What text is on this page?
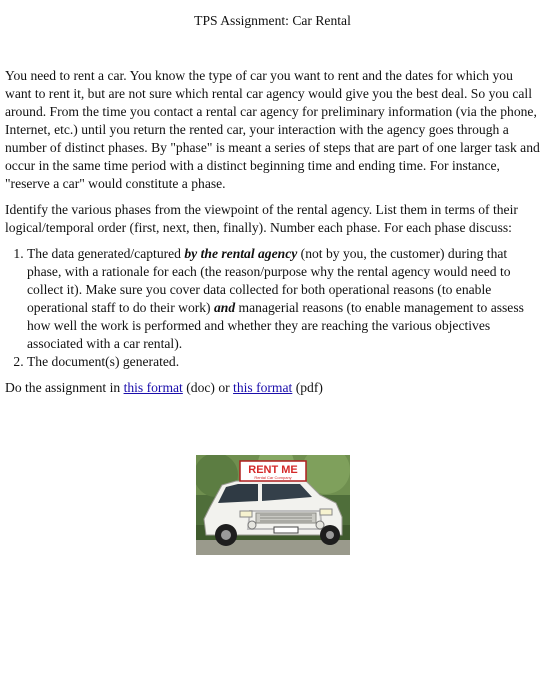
TPS Assignment: Car Rental

You need to rent a car. You know the type of car you want to rent and the dates for which you want to rent it, but are not sure which rental car agency would give you the best deal. So you call around. From the time you contact a rental car agency for preliminary information (via the phone, Internet, etc.) until you return the rented car, your interaction with the agency goes through a number of distinct phases. By "phase" is meant a series of steps that are part of one larger task and occur in the same time period with a distinct beginning time and ending time. For instance, "reserve a car" would constitute a phase.

Identify the various phases from the viewpoint of the rental agency. List them in terms of their logical/temporal order (first, next, then, finally). Number each phase. For each phase discuss:

1. The data generated/captured by the rental agency (not by you, the customer) during that phase, with a rationale for each (the reason/purpose why the rental agency would need to collect it). Make sure you cover data collected for both operational reasons (to enable operational staff to do their work) and managerial reasons (to enable management to assess how well the work is performed and whether they are reaching the various objectives associated with a car rental).
2. The document(s) generated.

Do the assignment in this format (doc) or this format (pdf)

RENT ME
Rental Car Company
